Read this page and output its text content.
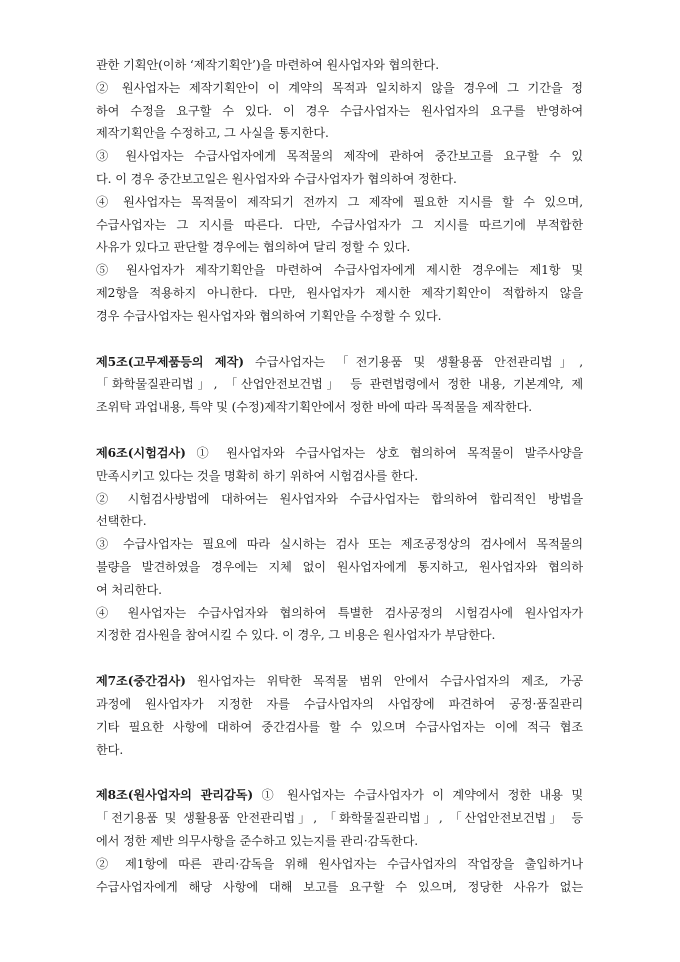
관한 기획안(이하 ‘제작기획안’)을 마련하여 원사업자와 협의한다.
② 원사업자는 제작기획안이 이 계약의 목적과 일치하지 않을 경우에 그 기간을 정
하여 수정을 요구할 수 있다. 이 경우 수급사업자는 원사업자의 요구를 반영하여
제작기획안을 수정하고, 그 사실을 통지한다.
③ 원사업자는 수급사업자에게 목적물의 제작에 관하여 중간보고를 요구할 수 있
다. 이 경우 중간보고일은 원사업자와 수급사업자가 협의하여 정한다.
④ 원사업자는 목적물이 제작되기 전까지 그 제작에 필요한 지시를 할 수 있으며,
수급사업자는 그 지시를 따른다. 다만, 수급사업자가 그 지시를 따르기에 부적합한
사유가 있다고 판단할 경우에는 협의하여 달리 정할 수 있다.
⑤ 원사업자가 제작기획안을 마련하여 수급사업자에게 제시한 경우에는 제1항 및
제2항을 적용하지 아니한다. 다만, 원사업자가 제시한 제작기획안이 적합하지 않을
경우 수급사업자는 원사업자와 협의하여 기획안을 수정할 수 있다.
제5조(고무제품등의 제작) 수급사업자는 「전기용품 및 생활용품 안전관리법」,
「화학물질관리법」, 「산업안전보건법」 등 관련법령에서 정한 내용, 기본계약, 제
조위탁 과업내용, 특약 및 (수정)제작기획안에서 정한 바에 따라 목적물을 제작한다.
제6조(시험검사) ① 원사업자와 수급사업자는 상호 협의하여 목적물이 발주사양을
만족시키고 있다는 것을 명확히 하기 위하여 시험검사를 한다.
② 시험검사방법에 대하여는 원사업자와 수급사업자는 합의하여 합리적인 방법을
선택한다.
③ 수급사업자는 필요에 따라 실시하는 검사 또는 제조공정상의 검사에서 목적물의
불량을 발견하였을 경우에는 지체 없이 원사업자에게 통지하고, 원사업자와 협의하
여 처리한다.
④ 원사업자는 수급사업자와 협의하여 특별한 검사공정의 시험검사에 원사업자가
지정한 검사원을 참여시킬 수 있다. 이 경우, 그 비용은 원사업자가 부담한다.
제7조(중간검사) 원사업자는 위탁한 목적물 범위 안에서 수급사업자의 제조, 가공
과정에 원사업자가 지정한 자를 수급사업자의 사업장에 파견하여 공정·품질관리
기타 필요한 사항에 대하여 중간검사를 할 수 있으며 수급사업자는 이에 적극 협조
한다.
제8조(원사업자의 관리감독) ① 원사업자는 수급사업자가 이 계약에서 정한 내용 및
「전기용품 및 생활용품 안전관리법」, 「화학물질관리법」, 「산업안전보건법」 등
에서 정한 제반 의무사항을 준수하고 있는지를 관리·감독한다.
② 제1항에 따른 관리·감독을 위해 원사업자는 수급사업자의 작업장을 출입하거나
수급사업자에게 해당 사항에 대해 보고를 요구할 수 있으며, 정당한 사유가 없는
